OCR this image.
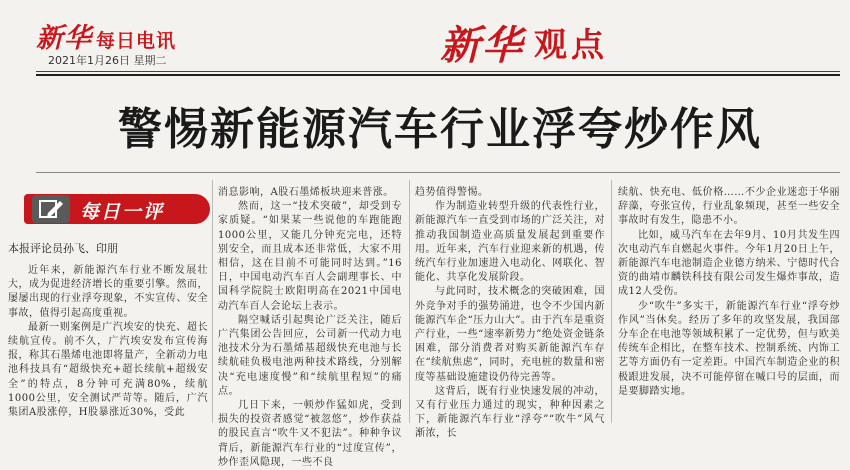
新华 每日电讯
2021年1月26日 星期二	新华 观点
警惕新能源汽车行业浮夸炒作风
每日一评
本报评论员孙飞、印朋

近年来，新能源汽车行业不断发展壮大，成为促进经济增长的重要引擎。然而，屡屡出现的行业浮夸现象，不实宣传、安全事故，值得引起高度重视。

最新一则案例是广汽埃安的快充、超长续航宣传。前不久，广汽埃安发布宣传海报，称其石墨烯电池即将量产，全新动力电池科技具有“超级快充+超长续航+超级安全”的特点，8分钟可充满80%，续航1000公里，安全测试严苛等。随后，广汽集团A股涨停，H股暴涨近30%，受此

消息影响，A股石墨烯板块迎来普涨。

然而，这一“技术突破”，却受到专家质疑。“如果某一些说他的车跑能跑1000公里，又能几分钟充完电，还特别安全，而且成本还非常低，大家不用相信，这在目前不可能同时达到。”16日，中国电动汽车百人会副理事长、中国科学院院士欧阳明高在2021中国电动汽车百人会论坛上表示。

隔空喊话引起舆论广泛关注，随后广汽集团公告回应，公司新一代动力电池技术分为石墨烯基超级快充电池与长续航硅负极电池两种技术路线，分别解决“充电速度慢”和“续航里程短”的痛点。

几日下来，一顿炒作猛如虎，受到损失的投资者感觉“被忽悠”，炒作获益的股民直言“吹牛又不犯法”。种种争议背后，新能源汽车行业的“过度宣传”，炒作歪风隐现，一些不良

趋势值得警惕。

作为制造业转型升级的代表性行业，新能源汽车一直受到市场的广泛关注，对推动我国制造业高质量发展起到重要作用。近年来，汽车行业迎来新的机遇，传统汽车行业加速进入电动化、网联化、智能化、共享化发展阶段。

与此同时，技术概念的突破困难，国外竞争对手的强势涌进，也令不少国内新能源汽车企“压力山大”。由于汽车是重资产行业，一些“速率新势力”绝处资金链条困难，部分消费者对购买新能源汽车存在“续航焦虑”，同时，充电桩的数量和密度等基础设施建设仍待完善等。

这背后，既有行业快速发展的冲动，又有行业压力通过的现实，种种因素之下，新能源汽车行业“浮夸”“吹牛”风气渐浓，长

续航、快充电、低价格……不少企业迷恋于华丽辞藻，夸张宣传，行业乱象频现，甚至一些安全事故时有发生，隐患不小。

比如，威马汽车在去年9月、10月共发生四次电动汽车自燃起火事件。今年1月20日上午，新能源汽车电池制造企业德方纳米、宁德时代合资的曲靖市麟铁科技有限公司发生爆炸事故，造成12人受伤。

少“吹牛”多实干，新能源汽车行业“浮夸炒作风”当休矣。经历了多年的攻坚发展，我国部分车企在电池等领域积累了一定优势，但与欧美传统车企相比，在整车技术、控制系统、内饰工艺等方面仍有一定差距。中国汽车制造企业的积极跟进发展，决不可能停留在喊口号的层面，而是要脚踏实地。
